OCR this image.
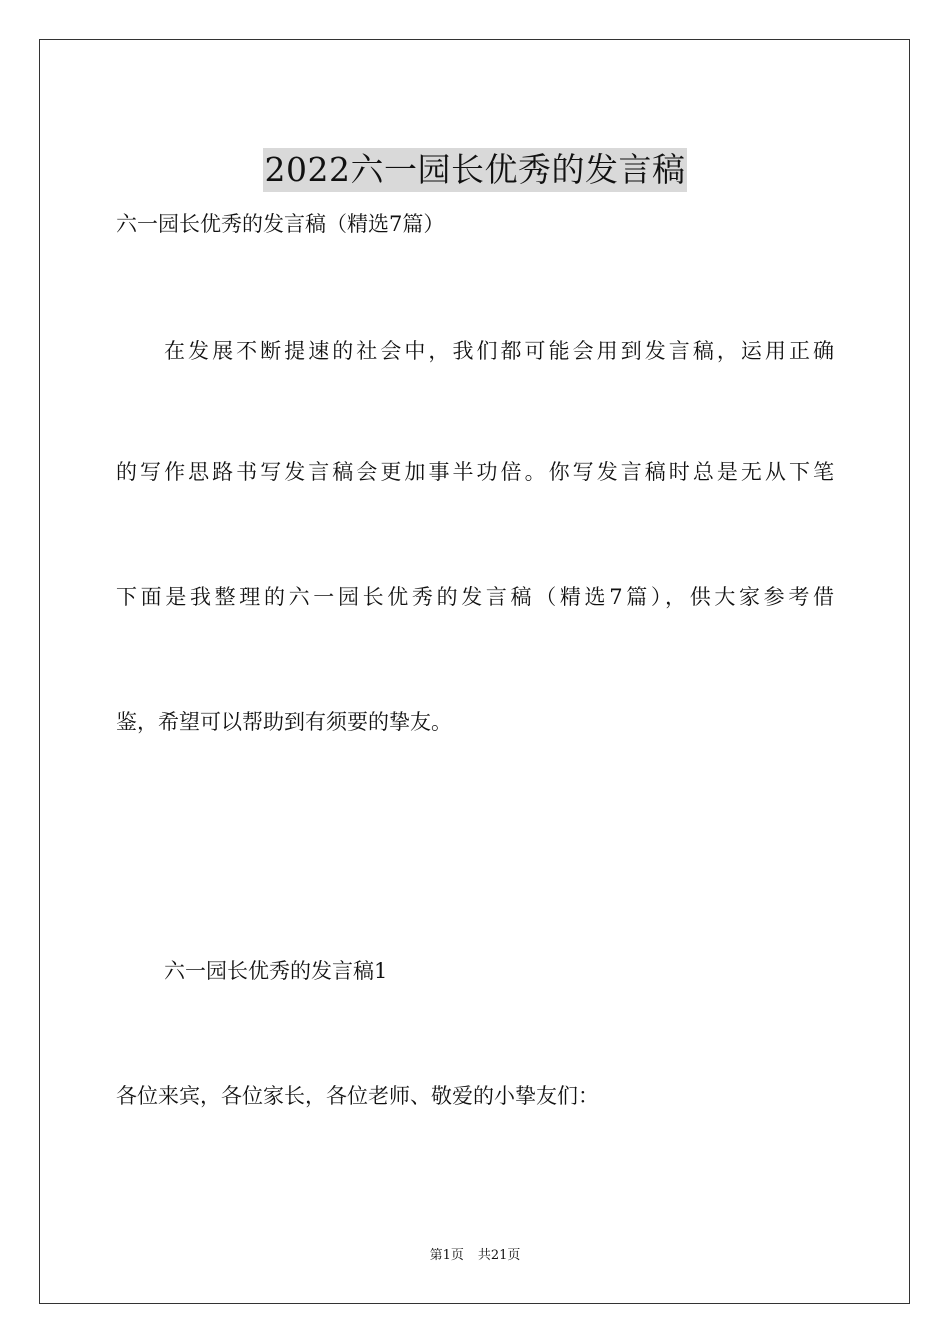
2022六一园长优秀的发言稿
六一园长优秀的发言稿（精选7篇）
在发展不断提速的社会中，我们都可能会用到发言稿，运用正确
的写作思路书写发言稿会更加事半功倍。你写发言稿时总是无从下笔
下面是我整理的六一园长优秀的发言稿（精选7篇），供大家参考借
鉴，希望可以帮助到有须要的挚友。
六一园长优秀的发言稿1
各位来宾，各位家长，各位老师、敬爱的小挚友们：
第1页 共21页
